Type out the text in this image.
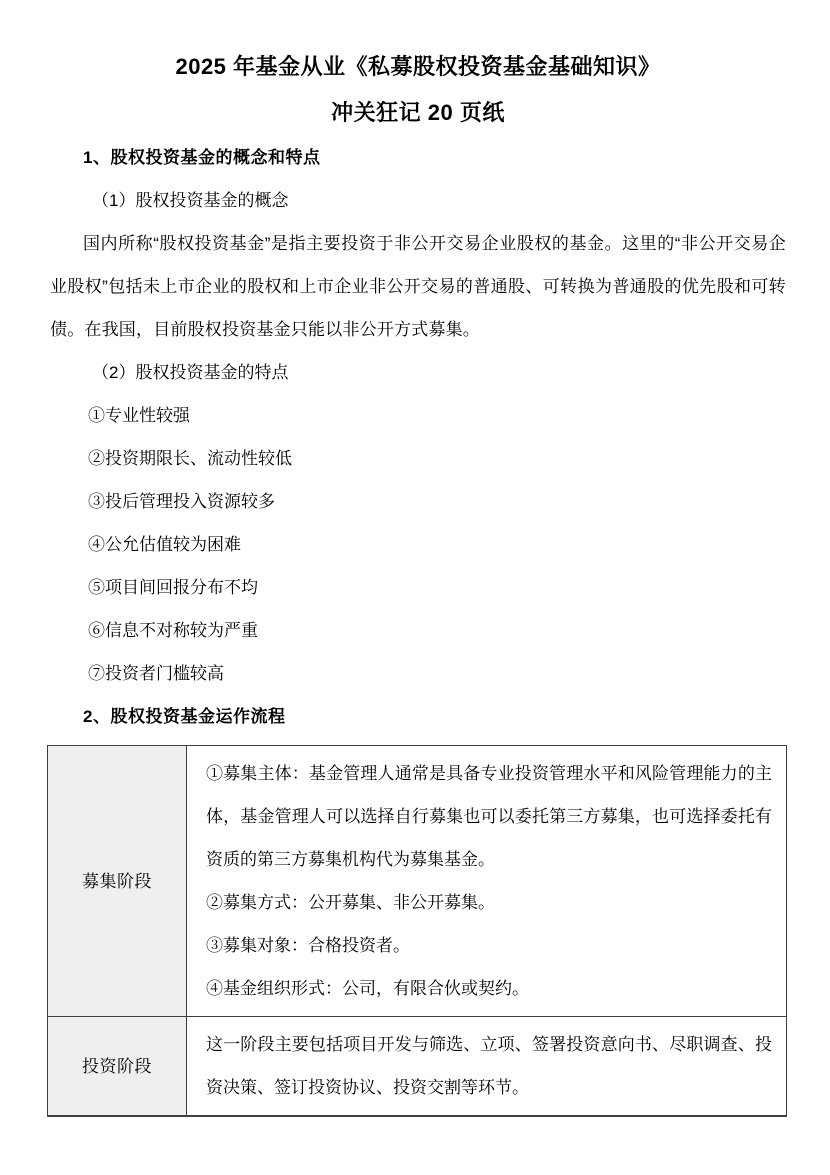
2025 年基金从业《私募股权投资基金基础知识》
冲关狂记 20 页纸
1、股权投资基金的概念和特点
（1）股权投资基金的概念

国内所称“股权投资基金”是指主要投资于非公开交易企业股权的基金。这里的“非公开交易企业股权”包括未上市企业的股权和上市企业非公开交易的普通股、可转换为普通股的优先股和可转债。在我国，目前股权投资基金只能以非公开方式募集。

（2）股权投资基金的特点
①专业性较强
②投资期限长、流动性较低
③投后管理投入资源较多
④公允估值较为困难
⑤项目间回报分布不均
⑥信息不对称较为严重
⑦投资者门槛较高
2、股权投资基金运作流程
募集阶段	①募集主体：基金管理人通常是具备专业投资管理水平和风险管理能力的主体，基金管理人可以选择自行募集也可以委托第三方募集，也可选择委托有资质的第三方募集机构代为募集基金。

②募集方式：公开募集、非公开募集。

③募集对象：合格投资者。

④基金组织形式：公司，有限合伙或契约。

投资阶段	这一阶段主要包括项目开发与筛选、立项、签署投资意向书、尽职调查、投资决策、签订投资协议、投资交割等环节。
